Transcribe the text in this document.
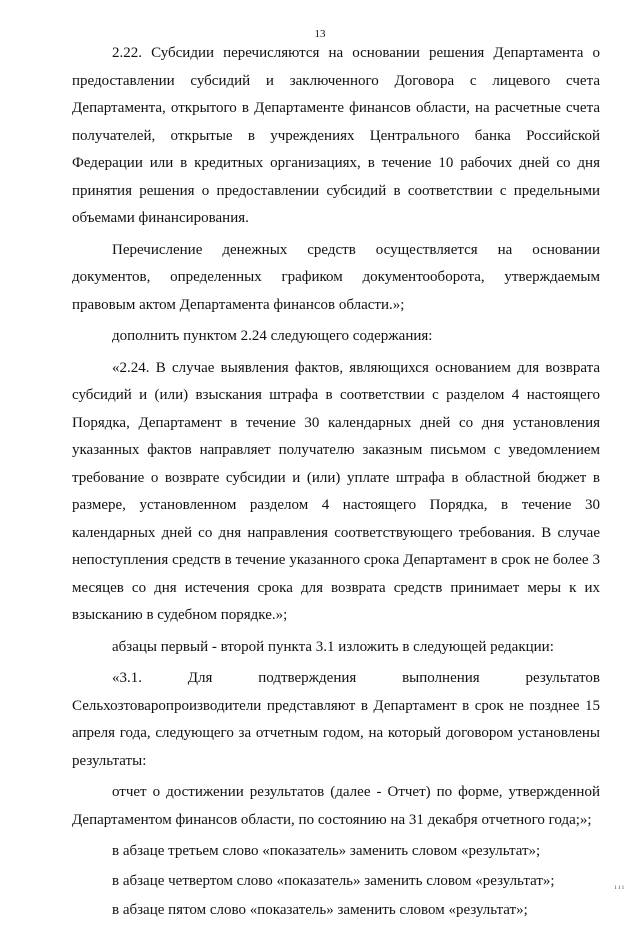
13

2.22. Субсидии перечисляются на основании решения Департамента о предоставлении субсидий и заключенного Договора с лицевого счета Департамента, открытого в Департаменте финансов области, на расчетные счета получателей, открытые в учреждениях Центрального банка Российской Федерации или в кредитных организациях, в течение 10 рабочих дней со дня принятия решения о предоставлении субсидий в соответствии с предельными объемами финансирования.

Перечисление денежных средств осуществляется на основании документов, определенных графиком документооборота, утверждаемым правовым актом Департамента финансов области.»;

дополнить пунктом 2.24 следующего содержания:

«2.24. В случае выявления фактов, являющихся основанием для возврата субсидий и (или) взыскания штрафа в соответствии с разделом 4 настоящего Порядка, Департамент в течение 30 календарных дней со дня установления указанных фактов направляет получателю заказным письмом с уведомлением требование о возврате субсидии и (или) уплате штрафа в областной бюджет в размере, установленном разделом 4 настоящего Порядка, в течение 30 календарных дней со дня направления соответствующего требования. В случае непоступления средств в течение указанного срока Департамент в срок не более 3 месяцев со дня истечения срока для возврата средств принимает меры к их взысканию в судебном порядке.»;

абзацы первый - второй пункта 3.1 изложить в следующей редакции:

«3.1. Для подтверждения выполнения результатов Сельхозтоваропроизводители представляют в Департамент в срок не позднее 15 апреля года, следующего за отчетным годом, на который договором установлены результаты:

отчет о достижении результатов (далее - Отчет) по форме, утвержденной Департаментом финансов области, по состоянию на 31 декабря отчетного года;»;

в абзаце третьем слово «показатель» заменить словом «результат»;

в абзаце четвертом слово «показатель» заменить словом «результат»;

в абзаце пятом слово «показатель» заменить словом «результат»;

ı ı ı
